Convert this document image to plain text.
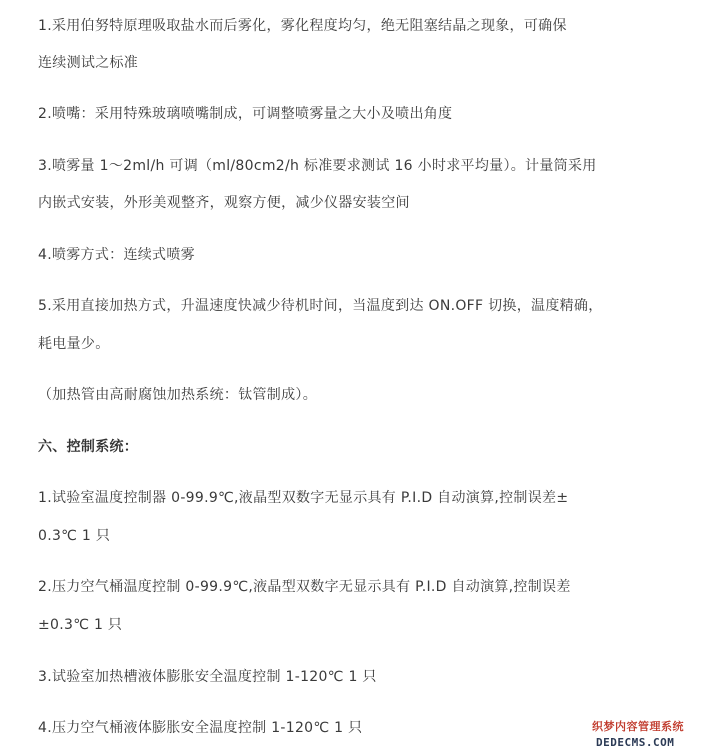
1.采用伯努特原理吸取盐水而后雾化，雾化程度均匀，绝无阻塞结晶之现象，可确保
连续测试之标准
2.喷嘴：采用特殊玻璃喷嘴制成，可调整喷雾量之大小及喷出角度
3.喷雾量 1～2ml/h 可调（ml/80cm2/h 标准要求测试 16 小时求平均量）。计量筒采用
内嵌式安装，外形美观整齐，观察方便，减少仪器安装空间
4.喷雾方式：连续式喷雾
5.采用直接加热方式，升温速度快减少待机时间，当温度到达 ON.OFF 切换，温度精确，
耗电量少。
（加热管由高耐腐蚀加热系统：钛管制成）。
六、控制系统：
1.试验室温度控制器 0-99.9℃,液晶型双数字无显示具有 P.I.D 自动演算,控制误差±
0.3℃ 1 只
2.压力空气桶温度控制 0-99.9℃,液晶型双数字无显示具有 P.I.D 自动演算,控制误差
±0.3℃ 1 只
3.试验室加热槽液体膨胀安全温度控制 1-120℃ 1 只
4.压力空气桶液体膨胀安全温度控制 1-120℃ 1 只	织梦内容管理系统
DEDECMS.COM
